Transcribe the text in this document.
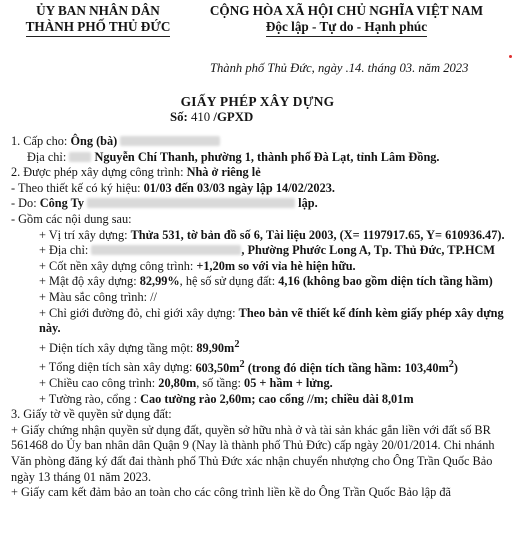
ỦY BAN NHÂN DÂN
THÀNH PHỐ THỦ ĐỨC
CỘNG HÒA XÃ HỘI CHỦ NGHĨA VIỆT NAM
Độc lập - Tự do - Hạnh phúc
Thành phố Thủ Đức, ngày .14. tháng 03. năm 2023
GIẤY PHÉP XÂY DỰNG
Số: 410 /GPXD
1. Cấp cho: Ông (bà)
Địa chỉ: Nguyễn Chí Thanh, phường 1, thành phố Đà Lạt, tỉnh Lâm Đồng.
2. Được phép xây dựng công trình: Nhà ở riêng lẻ
- Theo thiết kế có ký hiệu: 01/03 đến 03/03 ngày lập 14/02/2023.
- Do: Công Ty	lập.
- Gồm các nội dung sau:
+ Vị trí xây dựng: Thửa 531, tờ bản đồ số 6, Tài liệu 2003, (X= 1197917.65, Y= 610936.47).
+ Địa chỉ:	, Phường Phước Long A, Tp. Thủ Đức, TP.HCM
+ Cốt nền xây dựng công trình: +1,20m so với vỉa hè hiện hữu.
+ Mật độ xây dựng: 82,99%, hệ số sử dụng đất: 4,16 (không bao gồm diện tích tầng hầm)
+ Màu sắc công trình: //
+ Chỉ giới đường đỏ, chỉ giới xây dựng: Theo bản vẽ thiết kế đính kèm giấy phép xây dựng này.
+ Diện tích xây dựng tầng một: $89,90m^2$
+ Tổng diện tích sàn xây dựng: $603,50m^2$ (trong đó diện tích tầng hầm: $103,40m^2$)
+ Chiều cao công trình: 20,80m, số tầng: 05 + hầm + lửng.
+ Tường rào, cổng : Cao tường rào 2,60m; cao cổng //m; chiều dài 8,01m
3. Giấy tờ về quyền sử dụng đất:
+ Giấy chứng nhận quyền sử dụng đất, quyền sở hữu nhà ở và tài sản khác gắn liền với đất số BR 561468 do Ủy ban nhân dân Quận 9 (Nay là thành phố Thủ Đức) cấp ngày 20/01/2014. Chi nhánh Văn phòng đăng ký đất đai thành phố Thủ Đức xác nhận chuyển nhượng cho Ông Trần Quốc Bảo ngày 13 tháng 01 năm 2023.
+ Giấy cam kết đảm bảo an toàn cho các công trình liền kề do Ông Trần Quốc Bảo lập đã
